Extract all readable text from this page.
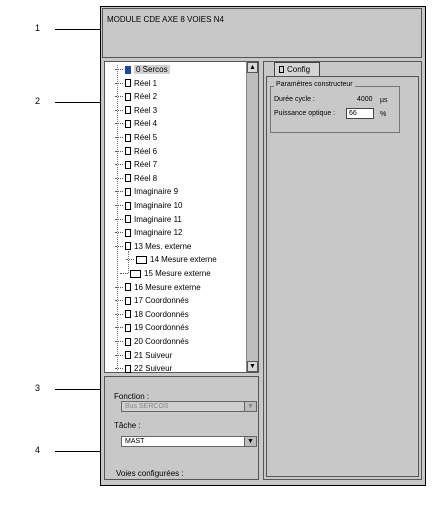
1
2
3
4
MODULE CDE AXE 8 VOIES N4
▲
▼
0 Sercos
Réel 1
Réel 2
Réel 3
Réel 4
Réel 5
Réel 6
Réel 7
Réel 8
Imaginaire 9
Imaginaire 10
Imaginaire 11
Imaginaire 12
13 Mes. externe
14 Mesure externe
15 Mesure externe
16 Mesure externe
17 Coordonnés
18 Coordonnés
19 Coordonnés
20 Coordonnés
21 Suiveur
22 Suiveur
Fonction :
Bus SERCOS	▼
Tâche :
MAST	▼
Voies configurées :
Config
Paramètres constructeur
Durée cycle :	4000 µs
Puissance optique :	66	%
